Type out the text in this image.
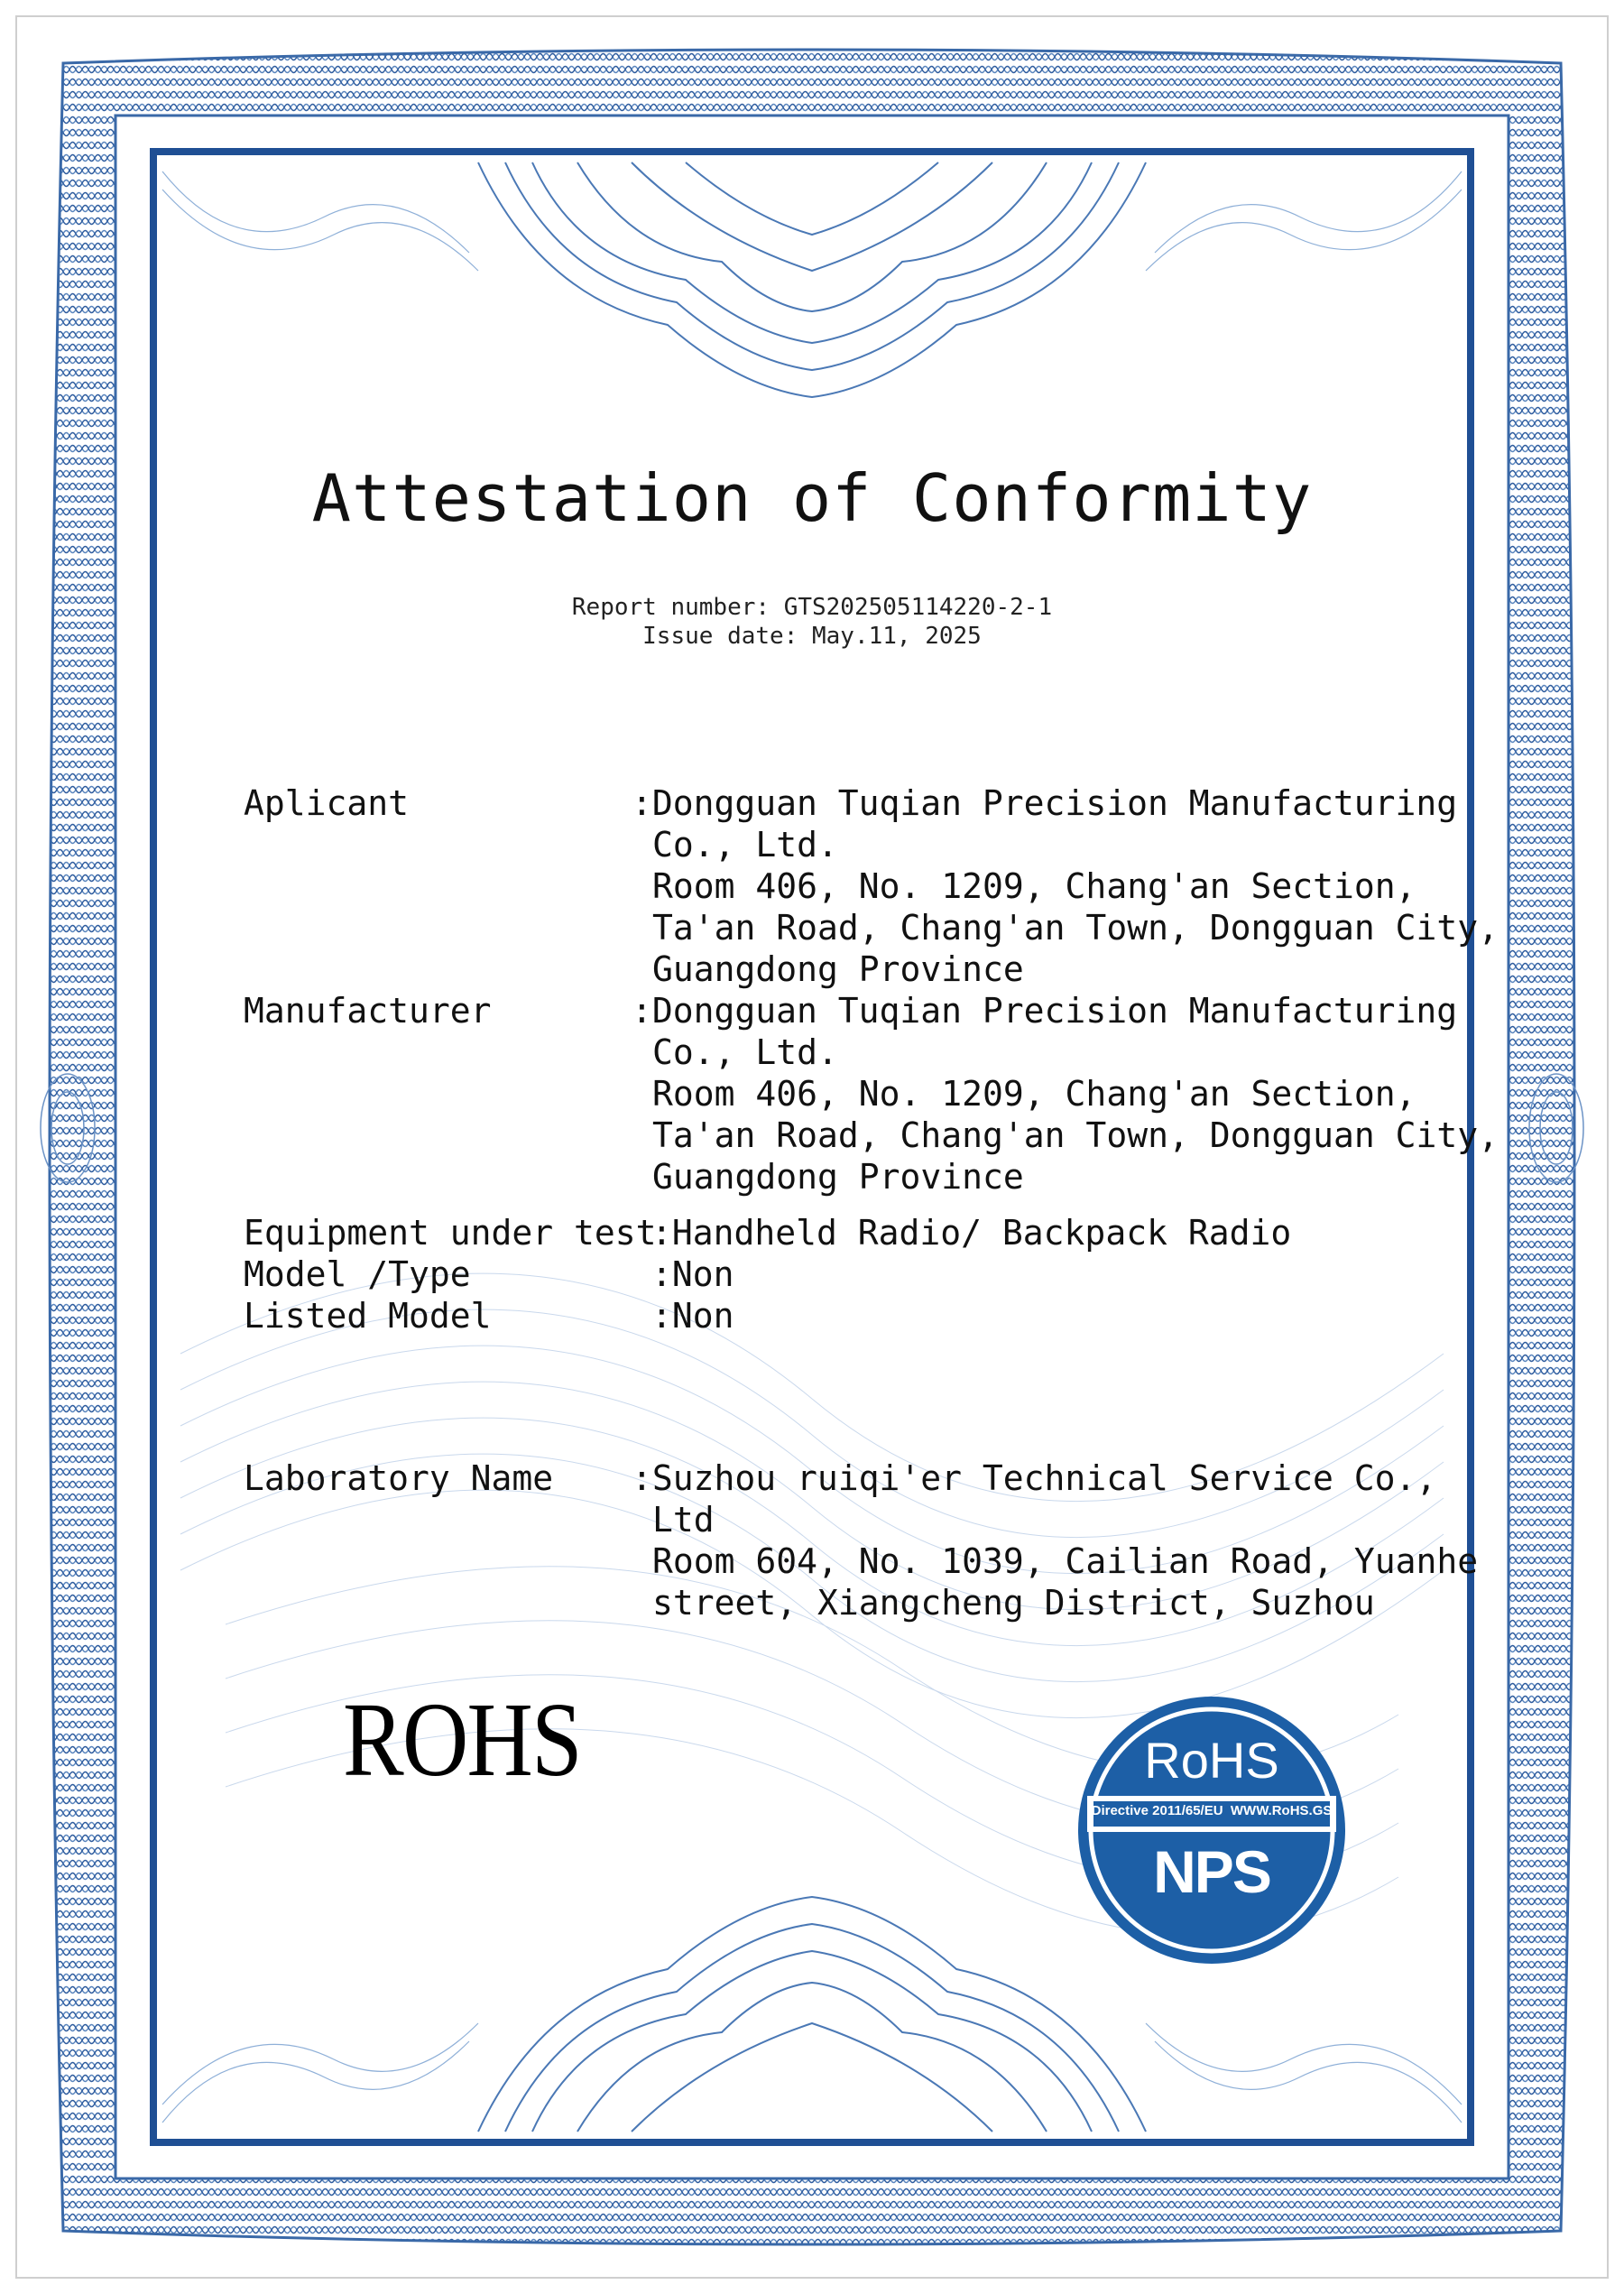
Attestation of Conformity
Report number: GTS202505114220-2-1
Issue date: May.11, 2025
Aplicant	:Dongguan Tuqian Precision Manufacturing
Co., Ltd.
Room 406, No. 1209, Chang'an Section,
Ta'an Road, Chang'an Town, Dongguan City,
Guangdong Province
Manufacturer	:Dongguan Tuqian Precision Manufacturing
Co., Ltd.
Room 406, No. 1209, Chang'an Section,
Ta'an Road, Chang'an Town, Dongguan City,
Guangdong Province
Equipment under test
:Handheld Radio/ Backpack Radio
Model /Type	:Non
Listed Model	:Non
Laboratory Name :Suzhou ruiqi'er Technical Service Co.,
Ltd
Room 604, No. 1039, Cailian Road, Yuanhe
street, Xiangcheng District, Suzhou
ROHS	RoHS
Directive 2011/65/EU  WWW.RoHS.GS
NPS
